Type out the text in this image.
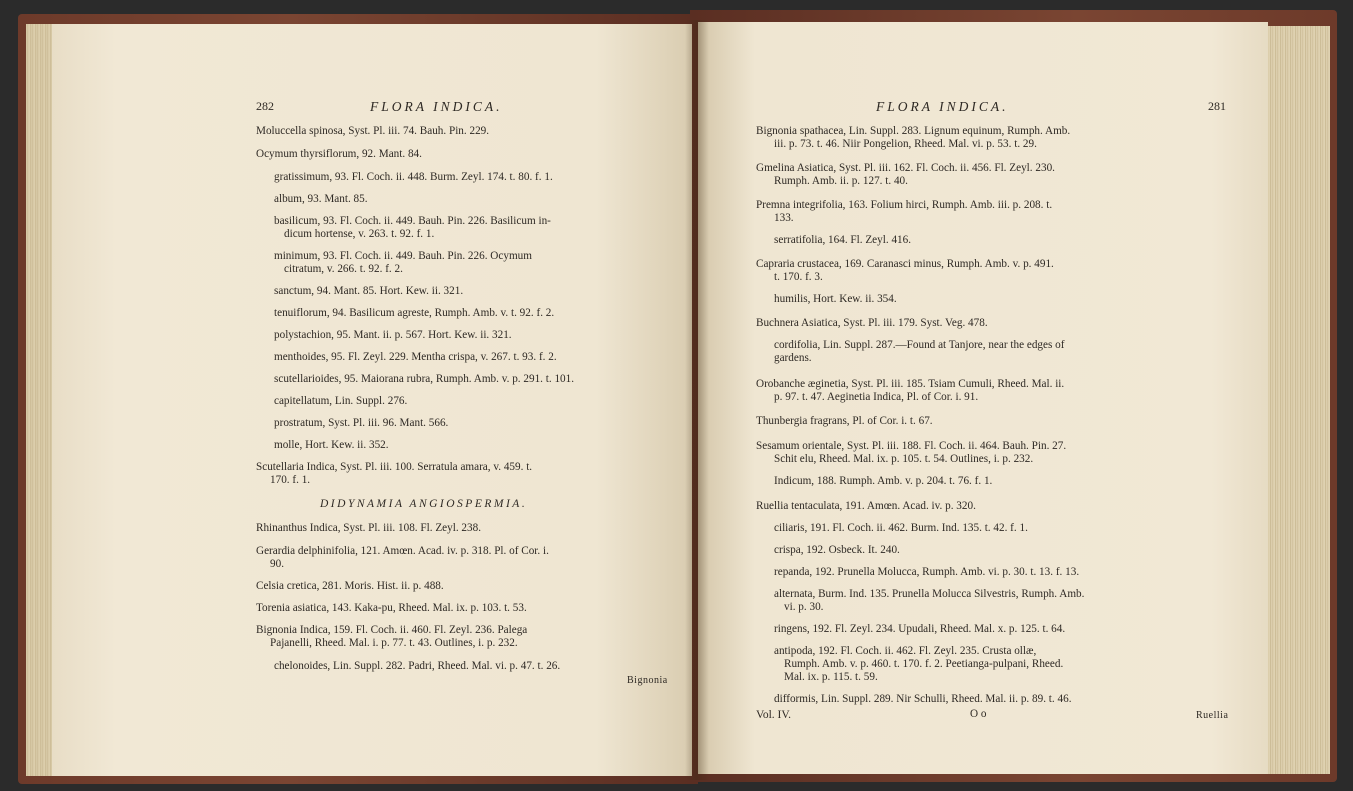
282	FLORA INDICA.
Moluccella spinosa, Syst. Pl. iii. 74. Bauh. Pin. 229.
Ocymum thyrsiflorum, 92. Mant. 84.
gratissimum, 93. Fl. Coch. ii. 448. Burm. Zeyl. 174. t. 80. f. 1.
album, 93. Mant. 85.
basilicum, 93. Fl. Coch. ii. 449. Bauh. Pin. 226. Basilicum in-
dicum hortense, v. 263. t. 92. f. 1.
minimum, 93. Fl. Coch. ii. 449. Bauh. Pin. 226. Ocymum
citratum, v. 266. t. 92. f. 2.
sanctum, 94. Mant. 85. Hort. Kew. ii. 321.
tenuiflorum, 94. Basilicum agreste, Rumph. Amb. v. t. 92. f. 2.
polystachion, 95. Mant. ii. p. 567. Hort. Kew. ii. 321.
menthoides, 95. Fl. Zeyl. 229. Mentha crispa, v. 267. t. 93. f. 2.
scutellarioides, 95. Maiorana rubra, Rumph. Amb. v. p. 291. t. 101.
capitellatum, Lin. Suppl. 276.
prostratum, Syst. Pl. iii. 96. Mant. 566.
molle, Hort. Kew. ii. 352.
Scutellaria Indica, Syst. Pl. iii. 100. Serratula amara, v. 459. t.
170. f. 1.
DIDYNAMIA ANGIOSPERMIA.
Rhinanthus Indica, Syst. Pl. iii. 108. Fl. Zeyl. 238.
Gerardia delphinifolia, 121. Amœn. Acad. iv. p. 318. Pl. of Cor. i.
90.
Celsia cretica, 281. Moris. Hist. ii. p. 488.
Torenia asiatica, 143. Kaka-pu, Rheed. Mal. ix. p. 103. t. 53.
Bignonia Indica, 159. Fl. Coch. ii. 460. Fl. Zeyl. 236. Palega
Pajanelli, Rheed. Mal. i. p. 77. t. 43. Outlines, i. p. 232.
chelonoides, Lin. Suppl. 282. Padri, Rheed. Mal. vi. p. 47. t. 26.
Bignonia
FLORA INDICA.	281
Bignonia spathacea, Lin. Suppl. 283. Lignum equinum, Rumph. Amb.
iii. p. 73. t. 46. Niir Pongelion, Rheed. Mal. vi. p. 53. t. 29.
Gmelina Asiatica, Syst. Pl. iii. 162. Fl. Coch. ii. 456. Fl. Zeyl. 230.
Rumph. Amb. ii. p. 127. t. 40.
Premna integrifolia, 163. Folium hirci, Rumph. Amb. iii. p. 208. t.
133.
serratifolia, 164. Fl. Zeyl. 416.
Capraria crustacea, 169. Caranasci minus, Rumph. Amb. v. p. 491.
t. 170. f. 3.
humilis, Hort. Kew. ii. 354.
Buchnera Asiatica, Syst. Pl. iii. 179. Syst. Veg. 478.
cordifolia, Lin. Suppl. 287.—Found at Tanjore, near the edges of
gardens.
Orobanche æginetia, Syst. Pl. iii. 185. Tsiam Cumuli, Rheed. Mal. ii.
p. 97. t. 47. Aeginetia Indica, Pl. of Cor. i. 91.
Thunbergia fragrans, Pl. of Cor. i. t. 67.
Sesamum orientale, Syst. Pl. iii. 188. Fl. Coch. ii. 464. Bauh. Pin. 27.
Schit elu, Rheed. Mal. ix. p. 105. t. 54. Outlines, i. p. 232.
Indicum, 188. Rumph. Amb. v. p. 204. t. 76. f. 1.
Ruellia tentaculata, 191. Amœn. Acad. iv. p. 320.
ciliaris, 191. Fl. Coch. ii. 462. Burm. Ind. 135. t. 42. f. 1.
crispa, 192. Osbeck. It. 240.
repanda, 192. Prunella Molucca, Rumph. Amb. vi. p. 30. t. 13. f. 13.
alternata, Burm. Ind. 135. Prunella Molucca Silvestris, Rumph. Amb.
vi. p. 30.
ringens, 192. Fl. Zeyl. 234. Upudali, Rheed. Mal. x. p. 125. t. 64.
antipoda, 192. Fl. Coch. ii. 462. Fl. Zeyl. 235. Crusta ollæ,
Rumph. Amb. v. p. 460. t. 170. f. 2. Peetianga-pulpani, Rheed.
Mal. ix. p. 115. t. 59.
difformis, Lin. Suppl. 289. Nir Schulli, Rheed. Mal. ii. p. 89. t. 46.
Vol. IV.	O o	Ruellia
